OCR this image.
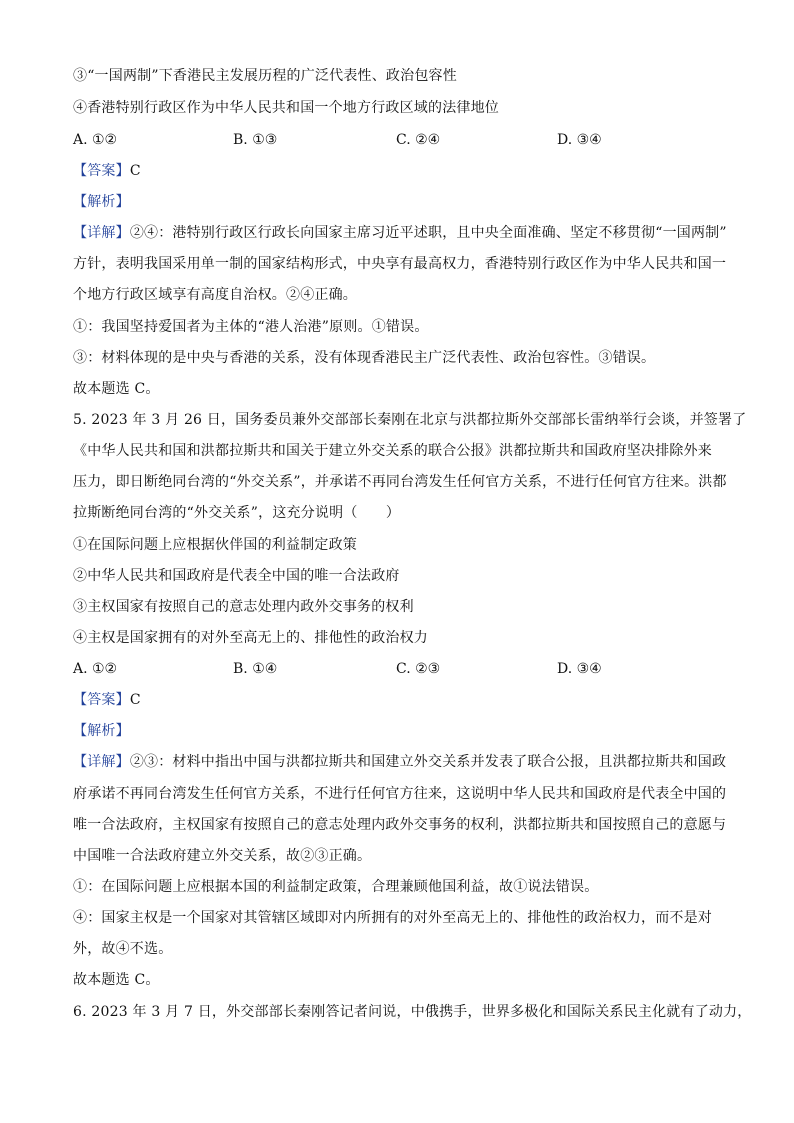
③“一国两制”下香港民主发展历程的广泛代表性、政治包容性
④香港特别行政区作为中华人民共和国一个地方行政区域的法律地位
A. ①②	B. ①③	C. ②④	D. ③④
【答案】C
【解析】
【详解】②④：港特别行政区行政长向国家主席习近平述职，且中央全面准确、坚定不移贯彻“一国两制”
方针，表明我国采用单一制的国家结构形式，中央享有最高权力，香港特别行政区作为中华人民共和国一
个地方行政区域享有高度自治权。②④正确。
①：我国坚持爱国者为主体的“港人治港”原则。①错误。
③：材料体现的是中央与香港的关系，没有体现香港民主广泛代表性、政治包容性。③错误。
故本题选 C。
5. 2023 年 3 月 26 日，国务委员兼外交部部长秦刚在北京与洪都拉斯外交部部长雷纳举行会谈，并签署了
《中华人民共和国和洪都拉斯共和国关于建立外交关系的联合公报》洪都拉斯共和国政府坚决排除外来
压力，即日断绝同台湾的“外交关系”，并承诺不再同台湾发生任何官方关系，不进行任何官方往来。洪都
拉斯断绝同台湾的“外交关系”，这充分说明（　　）
①在国际问题上应根据伙伴国的利益制定政策
②中华人民共和国政府是代表全中国的唯一合法政府
③主权国家有按照自己的意志处理内政外交事务的权利
④主权是国家拥有的对外至高无上的、排他性的政治权力
A. ①②	B. ①④	C. ②③	D. ③④
【答案】C
【解析】
【详解】②③：材料中指出中国与洪都拉斯共和国建立外交关系并发表了联合公报，且洪都拉斯共和国政
府承诺不再同台湾发生任何官方关系，不进行任何官方往来，这说明中华人民共和国政府是代表全中国的
唯一合法政府，主权国家有按照自己的意志处理内政外交事务的权利，洪都拉斯共和国按照自己的意愿与
中国唯一合法政府建立外交关系，故②③正确。
①：在国际问题上应根据本国的利益制定政策，合理兼顾他国利益，故①说法错误。
④：国家主权是一个国家对其管辖区域即对内所拥有的对外至高无上的、排他性的政治权力，而不是对
外，故④不选。
故本题选 C。
6. 2023 年 3 月 7 日，外交部部长秦刚答记者问说，中俄携手，世界多极化和国际关系民主化就有了动力，
